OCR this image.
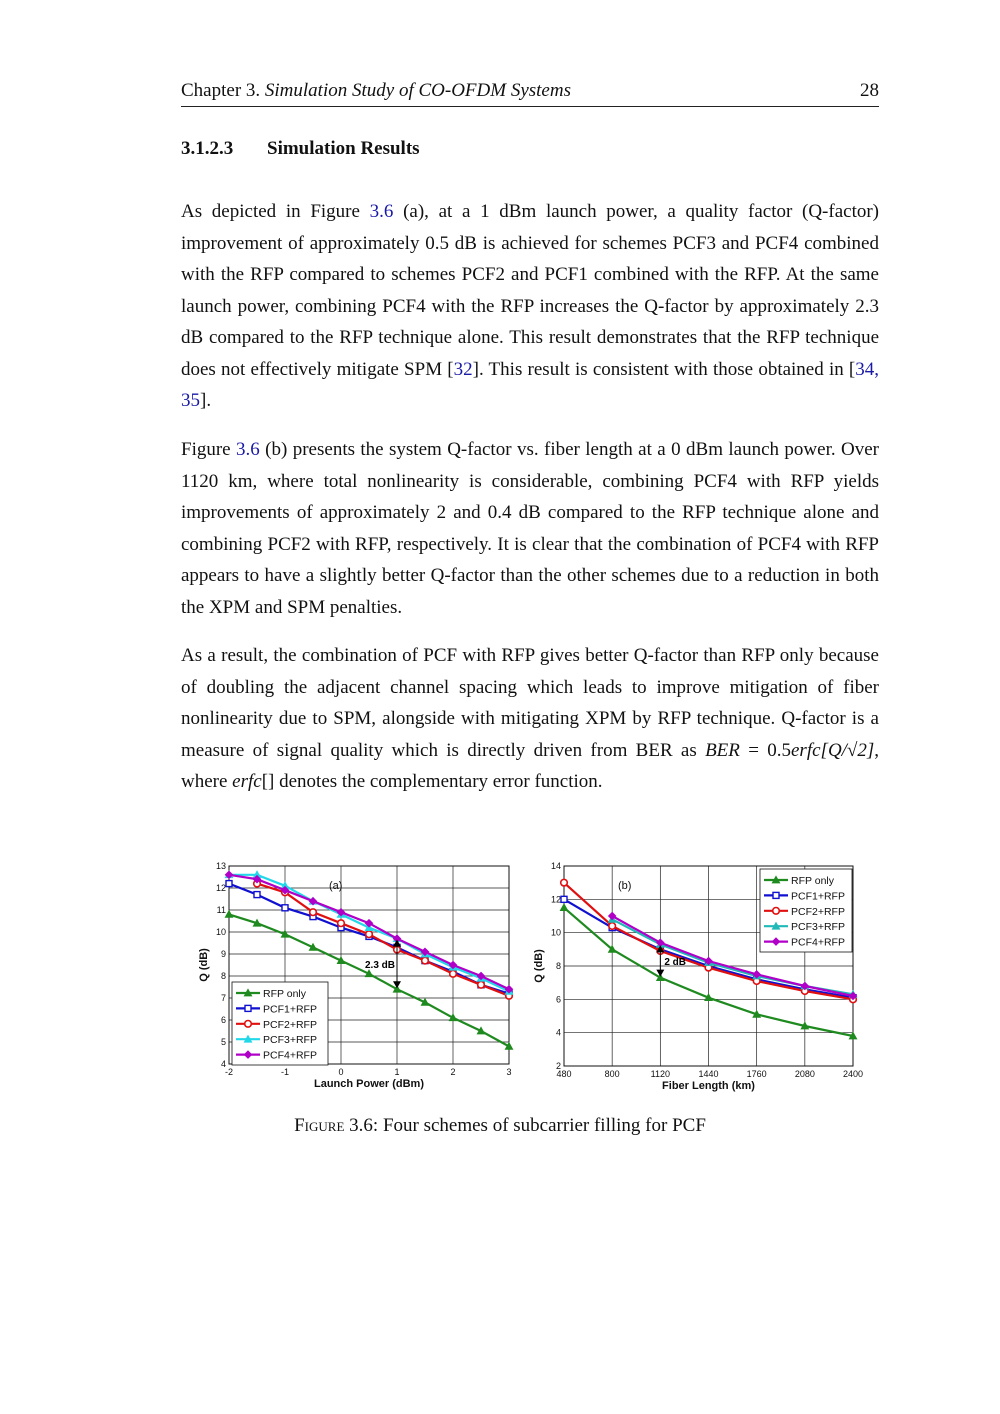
Chapter 3. Simulation Study of CO-OFDM Systems	28
3.1.2.3 Simulation Results
As depicted in Figure 3.6 (a), at a 1 dBm launch power, a quality factor (Q-factor) improvement of approximately 0.5 dB is achieved for schemes PCF3 and PCF4 combined with the RFP compared to schemes PCF2 and PCF1 combined with the RFP. At the same launch power, combining PCF4 with the RFP increases the Q-factor by approximately 2.3 dB compared to the RFP technique alone. This result demonstrates that the RFP technique does not effectively mitigate SPM [32]. This result is consistent with those obtained in [34, 35].
Figure 3.6 (b) presents the system Q-factor vs. fiber length at a 0 dBm launch power. Over 1120 km, where total nonlinearity is considerable, combining PCF4 with RFP yields improvements of approximately 2 and 0.4 dB compared to the RFP technique alone and combining PCF2 with RFP, respectively. It is clear that the combination of PCF4 with RFP appears to have a slightly better Q-factor than the other schemes due to a reduction in both the XPM and SPM penalties.
As a result, the combination of PCF with RFP gives better Q-factor than RFP only because of doubling the adjacent channel spacing which leads to improve mitigation of fiber nonlinearity due to SPM, alongside with mitigating XPM by RFP technique. Q-factor is a measure of signal quality which is directly driven from BER as BER = 0.5erfc[Q/√2], where erfc[] denotes the complementary error function.
-2	-1	0	1	2	3
4
5
6
7
8
9
10
11
12
13
Launch Power (dBm)
Q (dB)
(a)
2.3 dB
RFP only
PCF1+RFP
PCF2+RFP
PCF3+RFP
PCF4+RFP
480	800	1120	1440	1760	2080	2400
2
4
6
8
10
12
14
Fiber Length (km)
Q (dB)
(b)
2 dB
RFP only
PCF1+RFP
PCF2+RFP
PCF3+RFP
PCF4+RFP
Figure 3.6: Four schemes of subcarrier filling for PCF
